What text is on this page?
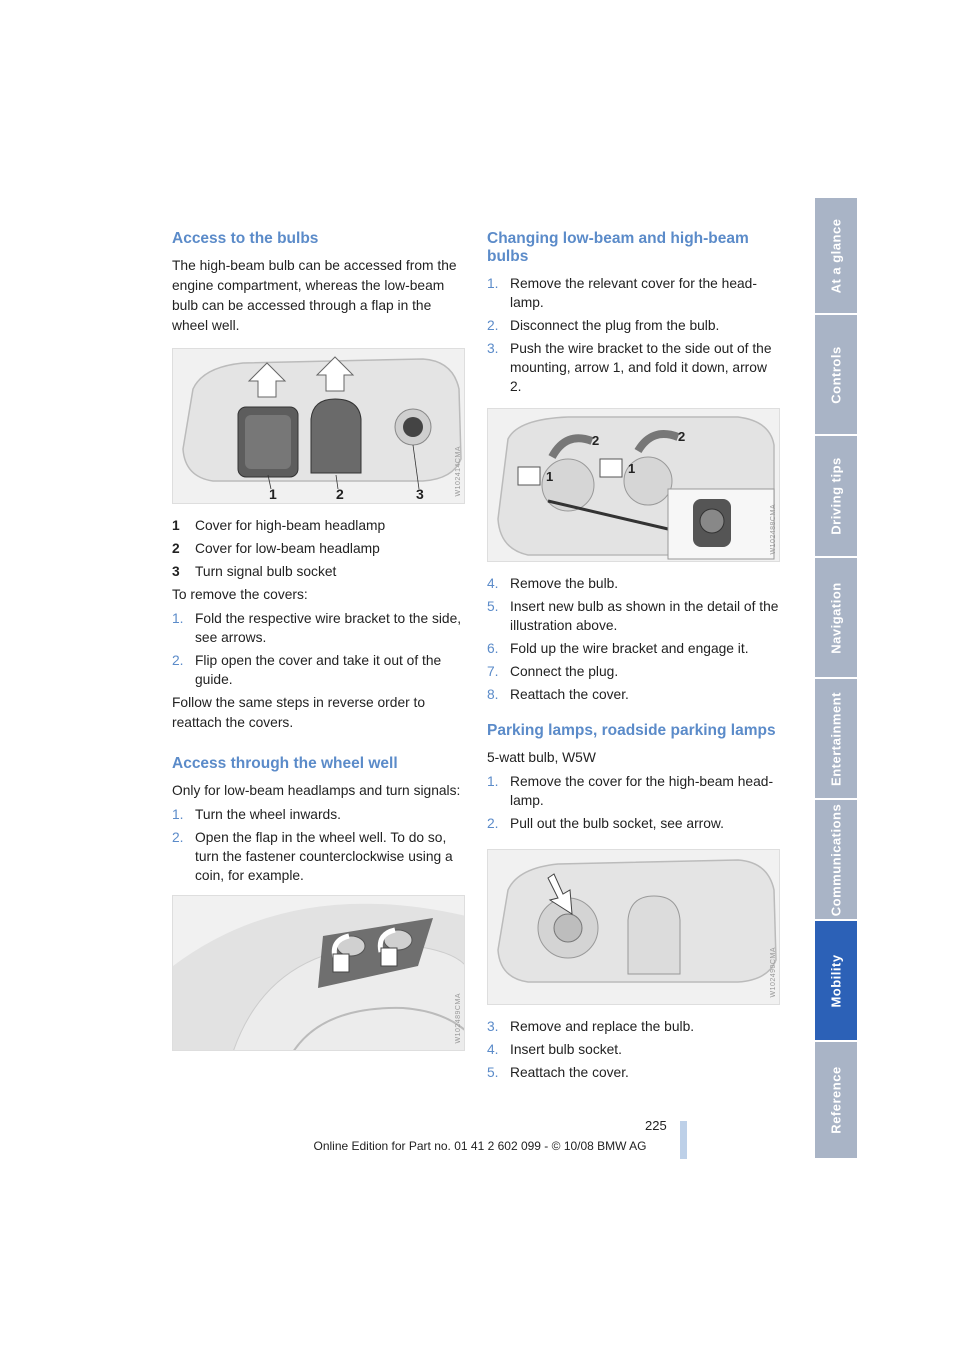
Access to the bulbs

The high-beam bulb can be accessed from the engine compartment, whereas the low-beam bulb can be accessed through a flap in the wheel well.

1	2	3	W102414CMA
1	Cover for high-beam headlamp
2	Cover for low-beam headlamp
3	Turn signal bulb socket

To remove the covers:

1. Fold the respective wire bracket to the side, see arrows.
2. Flip open the cover and take it out of the guide.

Follow the same steps in reverse order to reattach the covers.

Access through the wheel well

Only for low-beam headlamps and turn signals:

1. Turn the wheel inwards.
2. Open the flap in the wheel well. To do so, turn the fastener counterclockwise using a coin, for example.
W102489CMA
Changing low-beam and high-beam bulbs
1. Remove the relevant cover for the head-lamp.
2. Disconnect the plug from the bulb.
3. Push the wire bracket to the side out of the mounting, arrow 1, and fold it down, arrow 2.
1
2
1
2
W102488CMA
4. Remove the bulb.
5. Insert new bulb as shown in the detail of the illustration above.
6. Fold up the wire bracket and engage it.
7. Connect the plug.
8. Reattach the cover.
Parking lamps, roadside parking lamps

5-watt bulb, W5W

1. Remove the cover for the high-beam head-lamp.
2. Pull out the bulb socket, see arrow.
W102490CMA
3. Remove and replace the bulb.
4. Insert bulb socket.
5. Reattach the cover.
At a glance
Controls
Driving tips
Navigation
Entertainment
Communications
Mobility
Reference
225
Online Edition for Part no. 01 41 2 602 099 - © 10/08 BMW AG
